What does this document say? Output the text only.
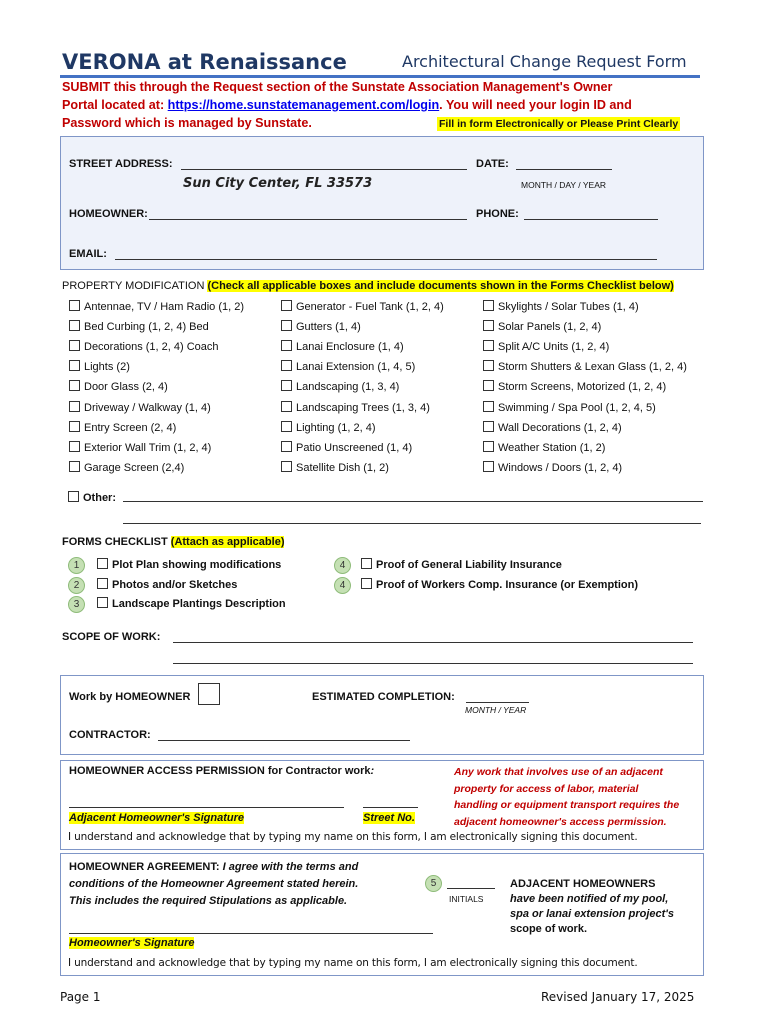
VERONA at Renaissance	Architectural Change Request Form
SUBMIT this through the Request section of the Sunstate Association Management's Owner
Portal located at: https://home.sunstatemanagement.com/login. You will need your login ID and
Password which is managed by Sunstate.	Fill in form Electronically or Please Print Clearly
STREET ADDRESS:
Sun City Center, FL 33573
DATE:
MONTH / DAY / YEAR
HOMEOWNER:	PHONE:
EMAIL:
PROPERTY MODIFICATION (Check all applicable boxes and include documents shown in the Forms Checklist below)
Antennae, TV / Ham Radio (1, 2)
Bed Curbing (1, 2, 4) Bed
Decorations (1, 2, 4) Coach
Lights (2)
Door Glass (2, 4)
Driveway / Walkway (1, 4)
Entry Screen (2, 4)
Exterior Wall Trim (1, 2, 4)
Garage Screen (2,4)
Generator - Fuel Tank (1, 2, 4)
Gutters (1, 4)
Lanai Enclosure (1, 4)
Lanai Extension (1, 4, 5)
Landscaping (1, 3, 4)
Landscaping Trees (1, 3, 4)
Lighting (1, 2, 4)
Patio Unscreened (1, 4)
Satellite Dish (1, 2)
Skylights / Solar Tubes (1, 4)
Solar Panels (1, 2, 4)
Split A/C Units (1, 2, 4)
Storm Shutters & Lexan Glass (1, 2, 4)
Storm Screens, Motorized (1, 2, 4)
Swimming / Spa Pool (1, 2, 4, 5)
Wall Decorations (1, 2, 4)
Weather Station (1, 2)
Windows / Doors (1, 2, 4)
Other:
FORMS CHECKLIST (Attach as applicable)
1	Plot Plan showing modifications
2	Photos and/or Sketches
3	Landscape Plantings Description
4	Proof of General Liability Insurance
4	Proof of Workers Comp. Insurance (or Exemption)
SCOPE OF WORK:
Work by HOMEOWNER	ESTIMATED COMPLETION:
MONTH / YEAR
CONTRACTOR:
HOMEOWNER ACCESS PERMISSION for Contractor work:
Adjacent Homeowner's Signature	Street No.
Any work that involves use of an adjacent
property for access of labor, material
handling or equipment transport requires the
adjacent homeowner's access permission.
I understand and acknowledge that by typing my name on this form, I am electronically signing this document.
HOMEOWNER AGREEMENT: I agree with the terms and
conditions of the Homeowner Agreement stated herein.
This includes the required Stipulations as applicable.
5
INITIALS
ADJACENT HOMEOWNERS
have been notified of my pool,
spa or lanai extension project's
scope of work.
Homeowner's Signature
I understand and acknowledge that by typing my name on this form, I am electronically signing this document.
Page 1	Revised January 17, 2025
